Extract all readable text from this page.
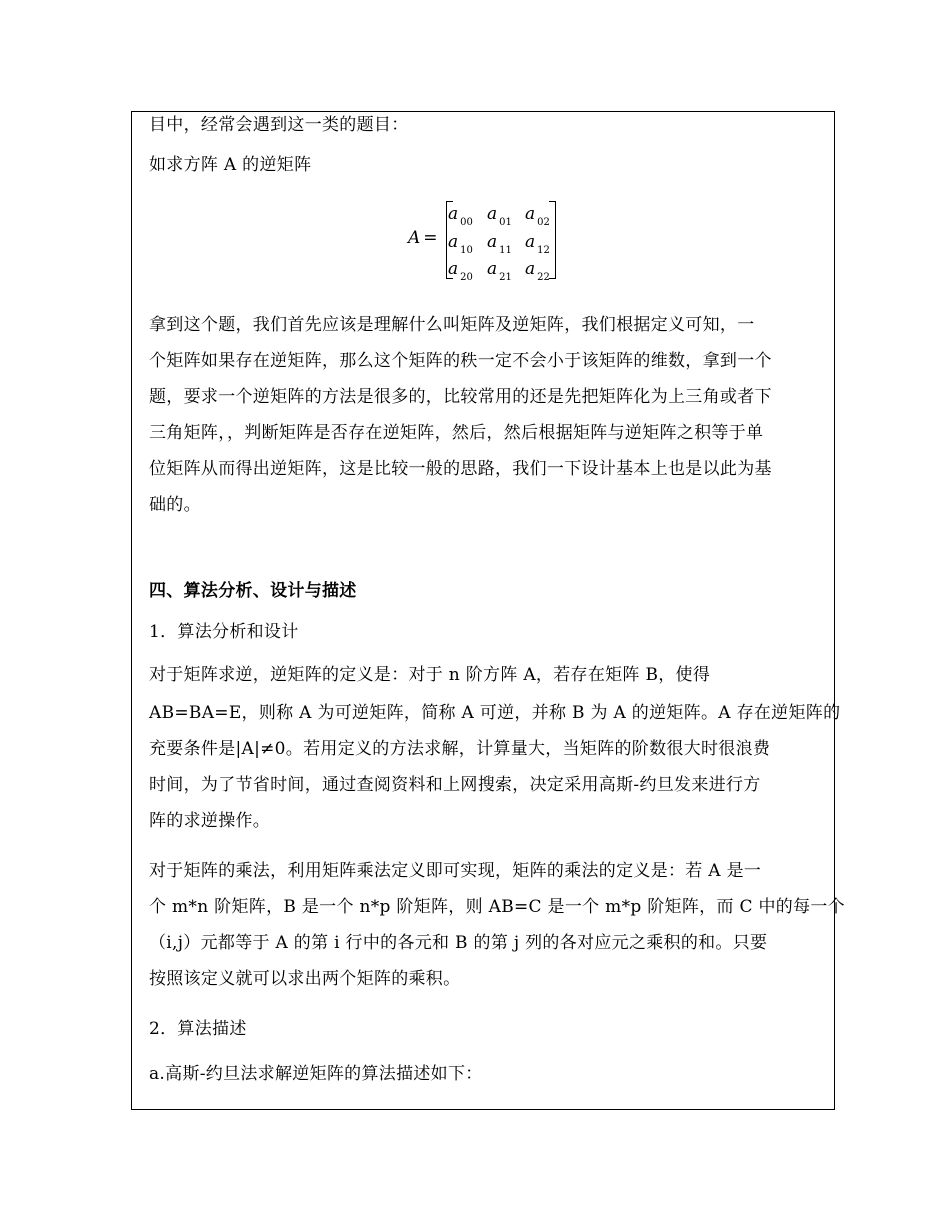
目中，经常会遇到这一类的题目：
如求方阵 A 的逆矩阵
A =
a $_{00}$ a $_{01}$ a $_{02}$
a $_{10}$ a $_{11}$ a $_{12}$
a $_{20}$ a $_{21}$ a $_{22}$
拿到这个题，我们首先应该是理解什么叫矩阵及逆矩阵，我们根据定义可知，一
个矩阵如果存在逆矩阵，那么这个矩阵的秩一定不会小于该矩阵的维数，拿到一个
题，要求一个逆矩阵的方法是很多的，比较常用的还是先把矩阵化为上三角或者下
三角矩阵，，判断矩阵是否存在逆矩阵，然后，然后根据矩阵与逆矩阵之积等于单
位矩阵从而得出逆矩阵，这是比较一般的思路，我们一下设计基本上也是以此为基
础的。
四、算法分析、设计与描述
1．算法分析和设计
对于矩阵求逆，逆矩阵的定义是：对于 n 阶方阵 A，若存在矩阵 B，使得
AB=BA=E，则称 A 为可逆矩阵，简称 A 可逆，并称 B 为 A 的逆矩阵。A 存在逆矩阵的
充要条件是|A|≠0。若用定义的方法求解，计算量大，当矩阵的阶数很大时很浪费
时间，为了节省时间，通过查阅资料和上网搜索，决定采用高斯-约旦发来进行方
阵的求逆操作。
对于矩阵的乘法，利用矩阵乘法定义即可实现，矩阵的乘法的定义是：若 A 是一
个 m*n 阶矩阵，B 是一个 n*p 阶矩阵，则 AB=C 是一个 m*p 阶矩阵，而 C 中的每一个
（i,j）元都等于 A 的第 i 行中的各元和 B 的第 j 列的各对应元之乘积的和。只要
按照该定义就可以求出两个矩阵的乘积。
2．算法描述
a.高斯-约旦法求解逆矩阵的算法描述如下：
